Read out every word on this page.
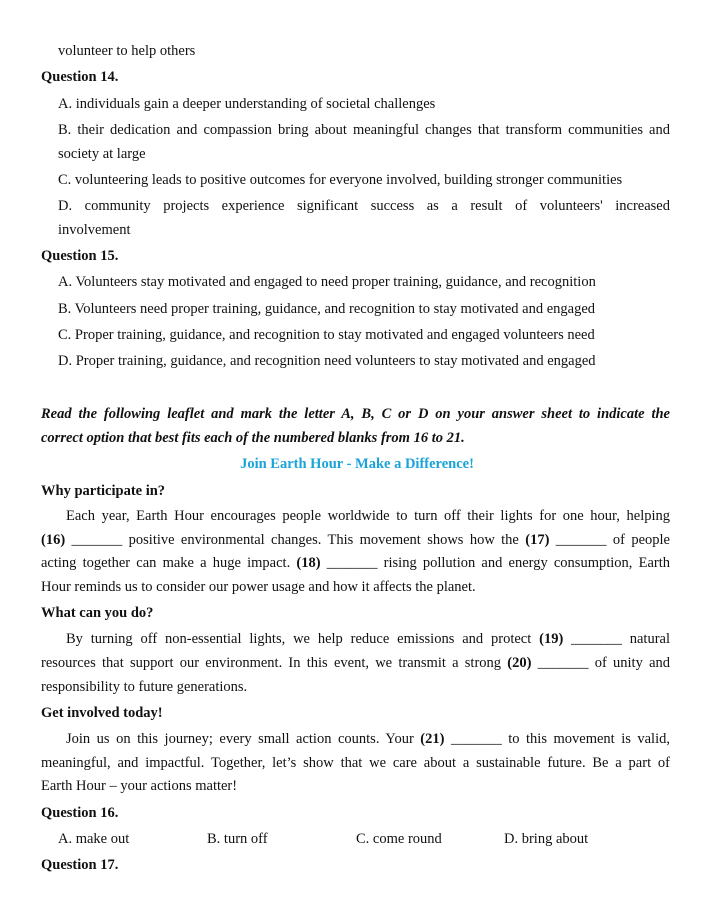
volunteer to help others
Question 14.
A. individuals gain a deeper understanding of societal challenges
B. their dedication and compassion bring about meaningful changes that transform communities and
society at large
C. volunteering leads to positive outcomes for everyone involved, building stronger communities
D. community projects experience significant success as a result of volunteers' increased
involvement
Question 15.
A. Volunteers stay motivated and engaged to need proper training, guidance, and recognition
B. Volunteers need proper training, guidance, and recognition to stay motivated and engaged
C. Proper training, guidance, and recognition to stay motivated and engaged volunteers need
D. Proper training, guidance, and recognition need volunteers to stay motivated and engaged
Read the following leaflet and mark the letter A, B, C or D on your answer sheet to indicate the
correct option that best fits each of the numbered blanks from 16 to 21.
Join Earth Hour - Make a Difference!
Why participate in?
Each year, Earth Hour encourages people worldwide to turn off their lights for one hour, helping
(16) _______ positive environmental changes. This movement shows how the (17) _______ of people
acting together can make a huge impact. (18) _______ rising pollution and energy consumption, Earth
Hour reminds us to consider our power usage and how it affects the planet.
What can you do?
By turning off non-essential lights, we help reduce emissions and protect (19) _______ natural
resources that support our environment. In this event, we transmit a strong (20) _______ of unity and
responsibility to future generations.
Get involved today!
Join us on this journey; every small action counts. Your (21) _______ to this movement is valid,
meaningful, and impactful. Together, let’s show that we care about a sustainable future. Be a part of
Earth Hour – your actions matter!
Question 16.
A. make out	B. turn off	C. come round	D. bring about
Question 17.
